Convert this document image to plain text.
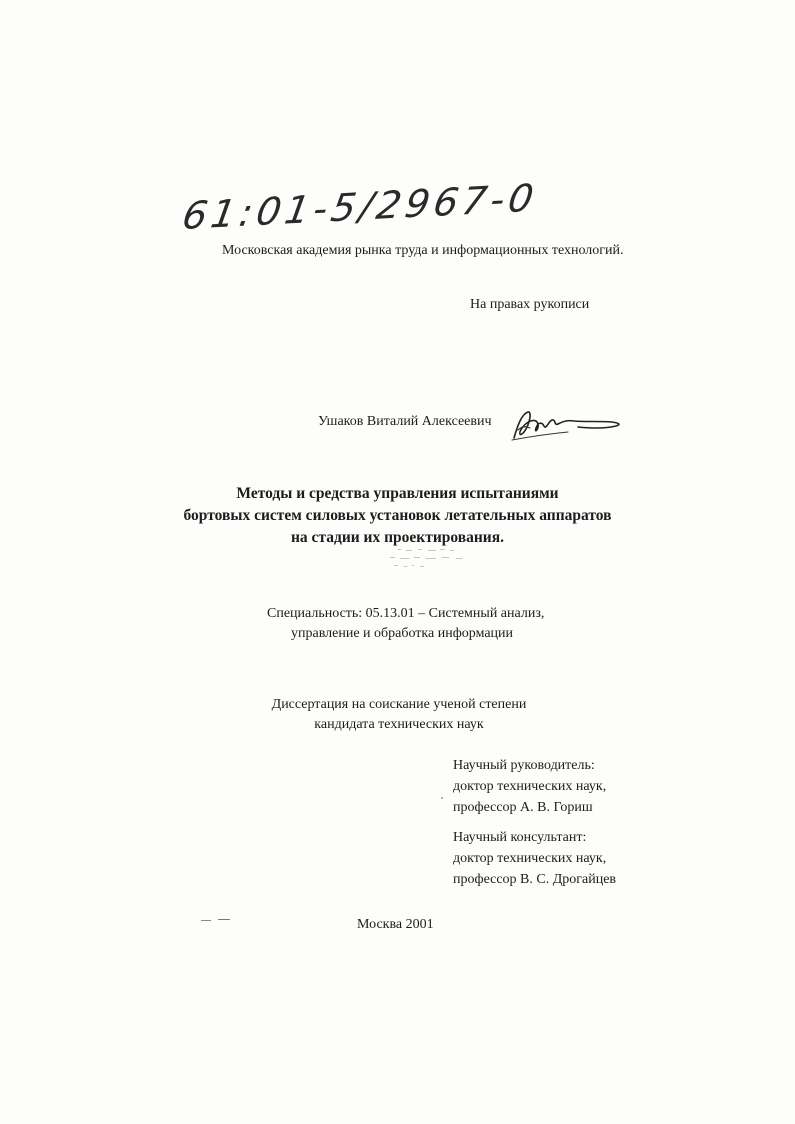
61:01-5/2967-0
Московская академия рынка труда и информационных технологий.
На правах рукописи
Ушаков Виталий Алексеевич
Методы и средства управления испытаниями
бортовых систем силовых установок летательных аппаратов
на стадии их проектирования.
Специальность: 05.13.01 – Системный анализ,
управление и обработка информации
Диссертация на соискание ученой степени
кандидата технических наук
Научный руководитель:
доктор технических наук,
профессор А. В. Гориш
Научный консультант:
доктор технических наук,
профессор В. С. Дрогайцев
Москва 2001
